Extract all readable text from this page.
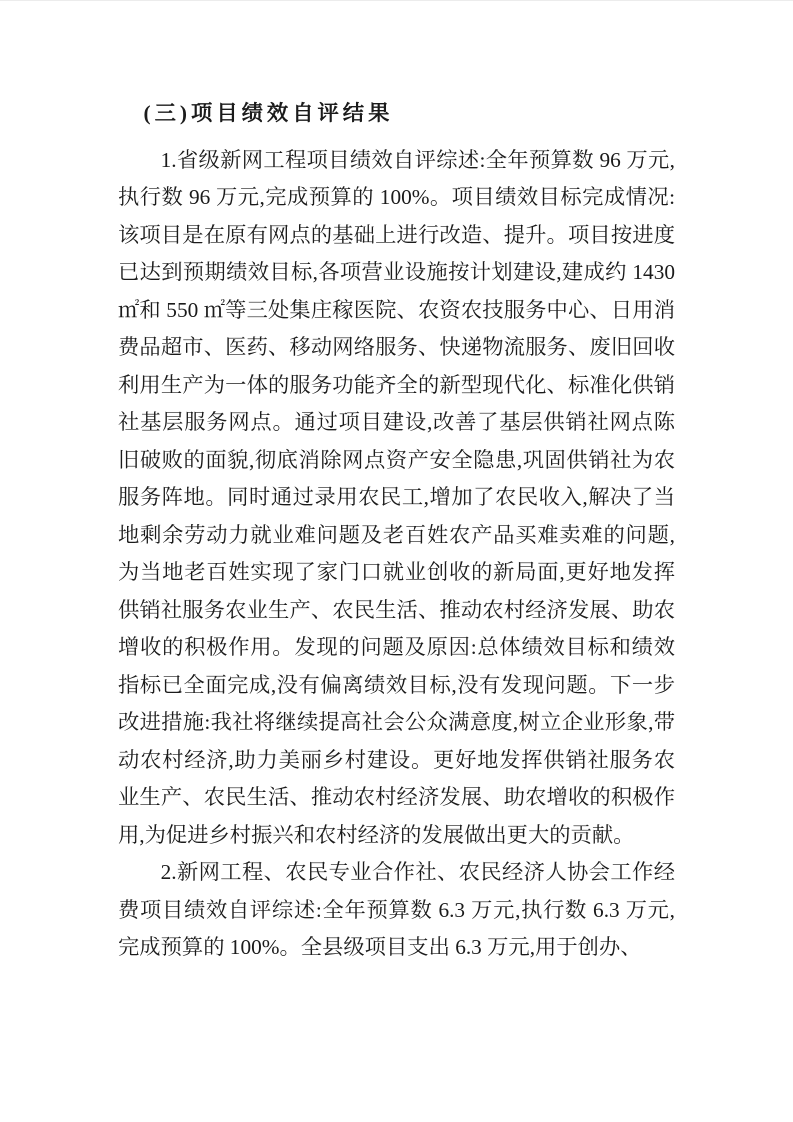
(三)项目绩效自评结果

1.省级新网工程项目绩效自评综述:全年预算数 96 万元,执行数 96 万元,完成预算的 100%。项目绩效目标完成情况:该项目是在原有网点的基础上进行改造、提升。项目按进度已达到预期绩效目标,各项营业设施按计划建设,建成约 1430 ㎡和 550 ㎡等三处集庄稼医院、农资农技服务中心、日用消费品超市、医药、移动网络服务、快递物流服务、废旧回收利用生产为一体的服务功能齐全的新型现代化、标准化供销社基层服务网点。通过项目建设,改善了基层供销社网点陈旧破败的面貌,彻底消除网点资产安全隐患,巩固供销社为农服务阵地。同时通过录用农民工,增加了农民收入,解决了当地剩余劳动力就业难问题及老百姓农产品买难卖难的问题,为当地老百姓实现了家门口就业创收的新局面,更好地发挥供销社服务农业生产、农民生活、推动农村经济发展、助农增收的积极作用。发现的问题及原因:总体绩效目标和绩效指标已全面完成,没有偏离绩效目标,没有发现问题。下一步改进措施:我社将继续提高社会公众满意度,树立企业形象,带动农村经济,助力美丽乡村建设。更好地发挥供销社服务农业生产、农民生活、推动农村经济发展、助农增收的积极作用,为促进乡村振兴和农村经济的发展做出更大的贡献。

2.新网工程、农民专业合作社、农民经济人协会工作经费项目绩效自评综述:全年预算数 6.3 万元,执行数 6.3 万元,完成预算的 100%。全县级项目支出 6.3 万元,用于创办、
